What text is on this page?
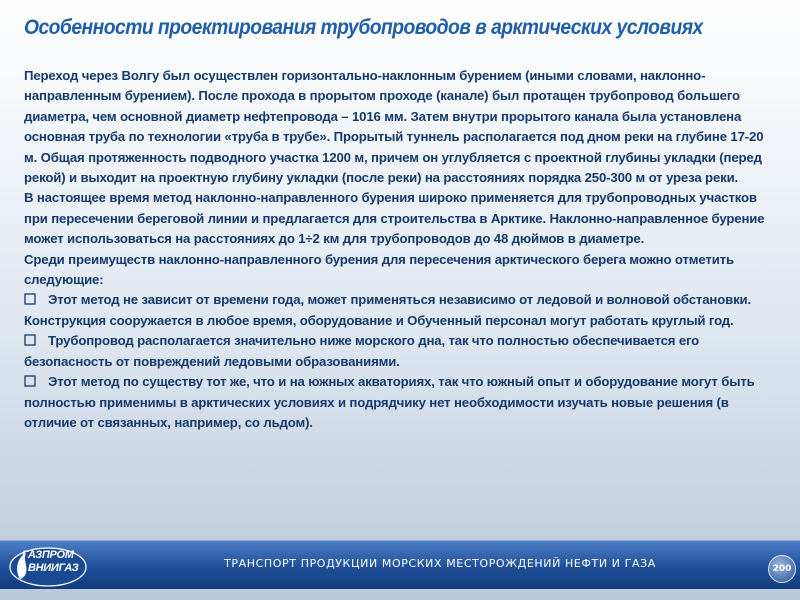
Особенности проектирования трубопроводов в арктических условиях

Переход через Волгу был осуществлен горизонтально-наклонным бурением (иными словами, наклонно-направленным бурением). После прохода в прорытом проходе (канале) был протащен трубопровод большего диаметра, чем основной диаметр нефтепровода – 1016 мм. Затем внутри прорытого канала была установлена основная труба по технологии «труба в трубе». Прорытый туннель располагается под дном реки на глубине 17-20 м. Общая протяженность подводного участка 1200 м, причем он углубляется с проектной глубины укладки (перед рекой) и выходит на проектную глубину укладки (после реки) на расстояниях порядка 250-300 м от уреза реки.

В настоящее время метод наклонно-направленного бурения широко применяется для трубопроводных участков при пересечении береговой линии и предлагается для строительства в Арктике. Наклонно-направленное бурение может использоваться на расстояниях до 1÷2 км для трубопроводов до 48 дюймов в диаметре.

Среди преимуществ наклонно-направленного бурения для пересечения арктического берега можно отметить следующие:

Этот метод не зависит от времени года, может применяться независимо от ледовой и волновой обстановки. Конструкция сооружается в любое время, оборудование и Обученный персонал могут работать круглый год.

Трубопровод располагается значительно ниже морского дна, так что полностью обеспечивается его безопасность от повреждений ледовыми образованиями.

Этот метод по существу тот же, что и на южных акваториях, так что южный опыт и оборудование могут быть полностью применимы в арктических условиях и подрядчику нет необходимости изучать новые решения (в отличие от связанных, например, со льдом).

ТРАНСПОРТ ПРОДУКЦИИ МОРСКИХ МЕСТОРОЖДЕНИЙ НЕФТИ И ГАЗА
ГАЗПРОМ
ВНИИГАЗ	200
